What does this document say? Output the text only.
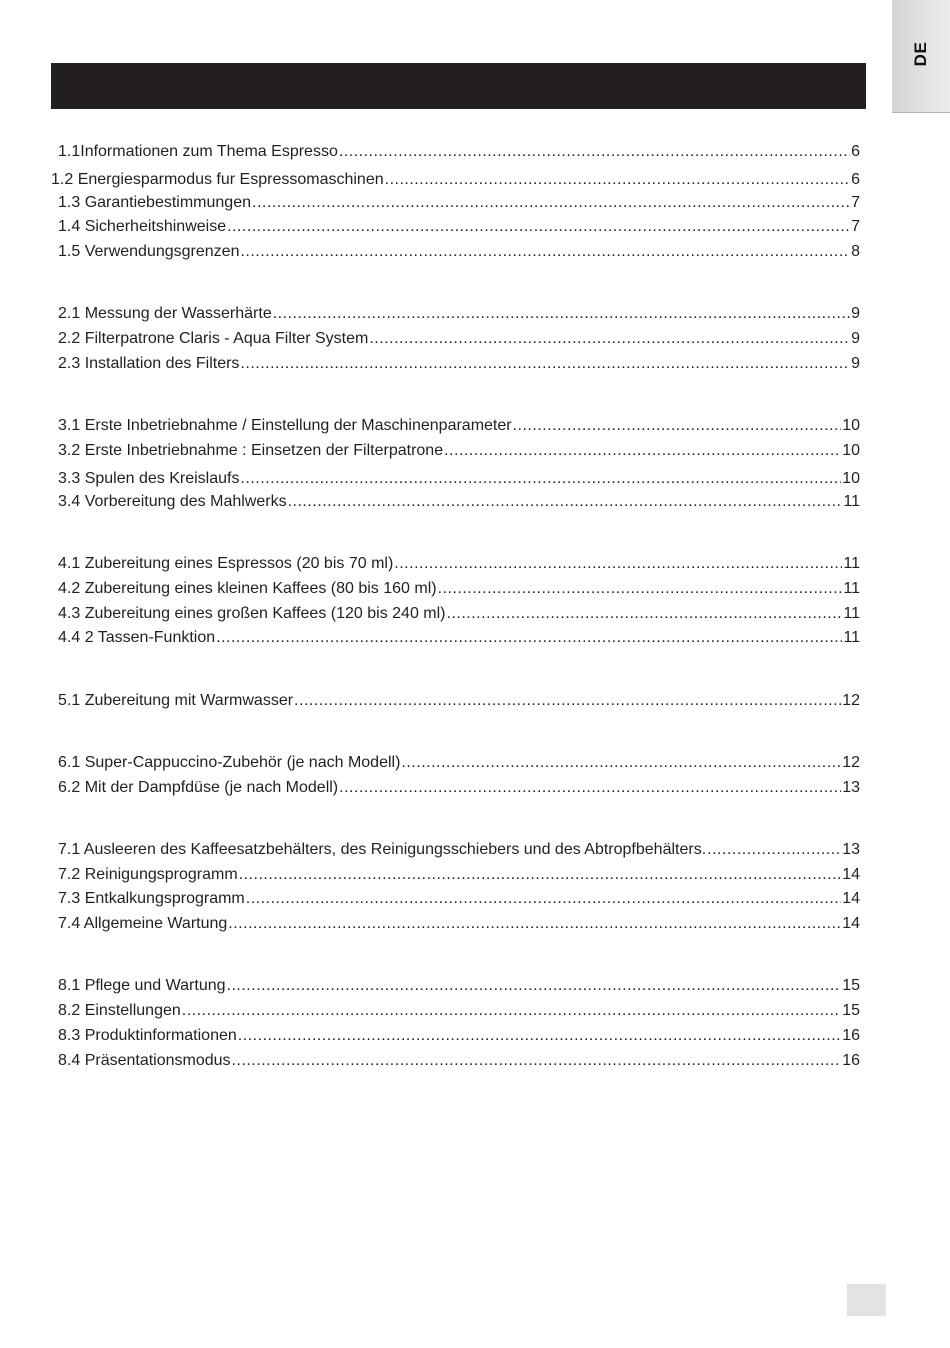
DE
1.1Informationen zum Thema Espresso .....	6
1.2 Energiesparmodus fur Espressomaschinen .....	6
1.3 Garantiebestimmungen .....	7
1.4 Sicherheitshinweise .....	7
1.5 Verwendungsgrenzen .....	8
2.1 Messung der Wasserhärte .....	9
2.2 Filterpatrone Claris - Aqua Filter System .....	9
2.3 Installation des Filters .....	9
3.1 Erste Inbetriebnahme / Einstellung der Maschinenparameter .....	10
3.2 Erste Inbetriebnahme : Einsetzen der Filterpatrone .....	10
3.3 Spulen des Kreislaufs .....	10
3.4 Vorbereitung des Mahlwerks .....	11
4.1 Zubereitung eines Espressos (20 bis 70 ml) .....	11
4.2 Zubereitung eines kleinen Kaffees (80 bis 160 ml) .....	11
4.3 Zubereitung eines großen Kaffees (120 bis 240 ml) .....	11
4.4 2 Tassen-Funktion .....	11
5.1 Zubereitung mit Warmwasser .....	12
6.1 Super-Cappuccino-Zubehör (je nach Modell) .....	12
6.2 Mit der Dampfdüse (je nach Modell) .....	13
7.1 Ausleeren des Kaffeesatzbehälters, des Reinigungsschiebers und des Abtropfbehälters. .....	13
7.2 Reinigungsprogramm .....	14
7.3 Entkalkungsprogramm .....	14
7.4 Allgemeine Wartung .....	14
8.1 Pflege und Wartung .....	15
8.2 Einstellungen .....	15
8.3 Produktinformationen .....	16
8.4 Präsentationsmodus .....	16
